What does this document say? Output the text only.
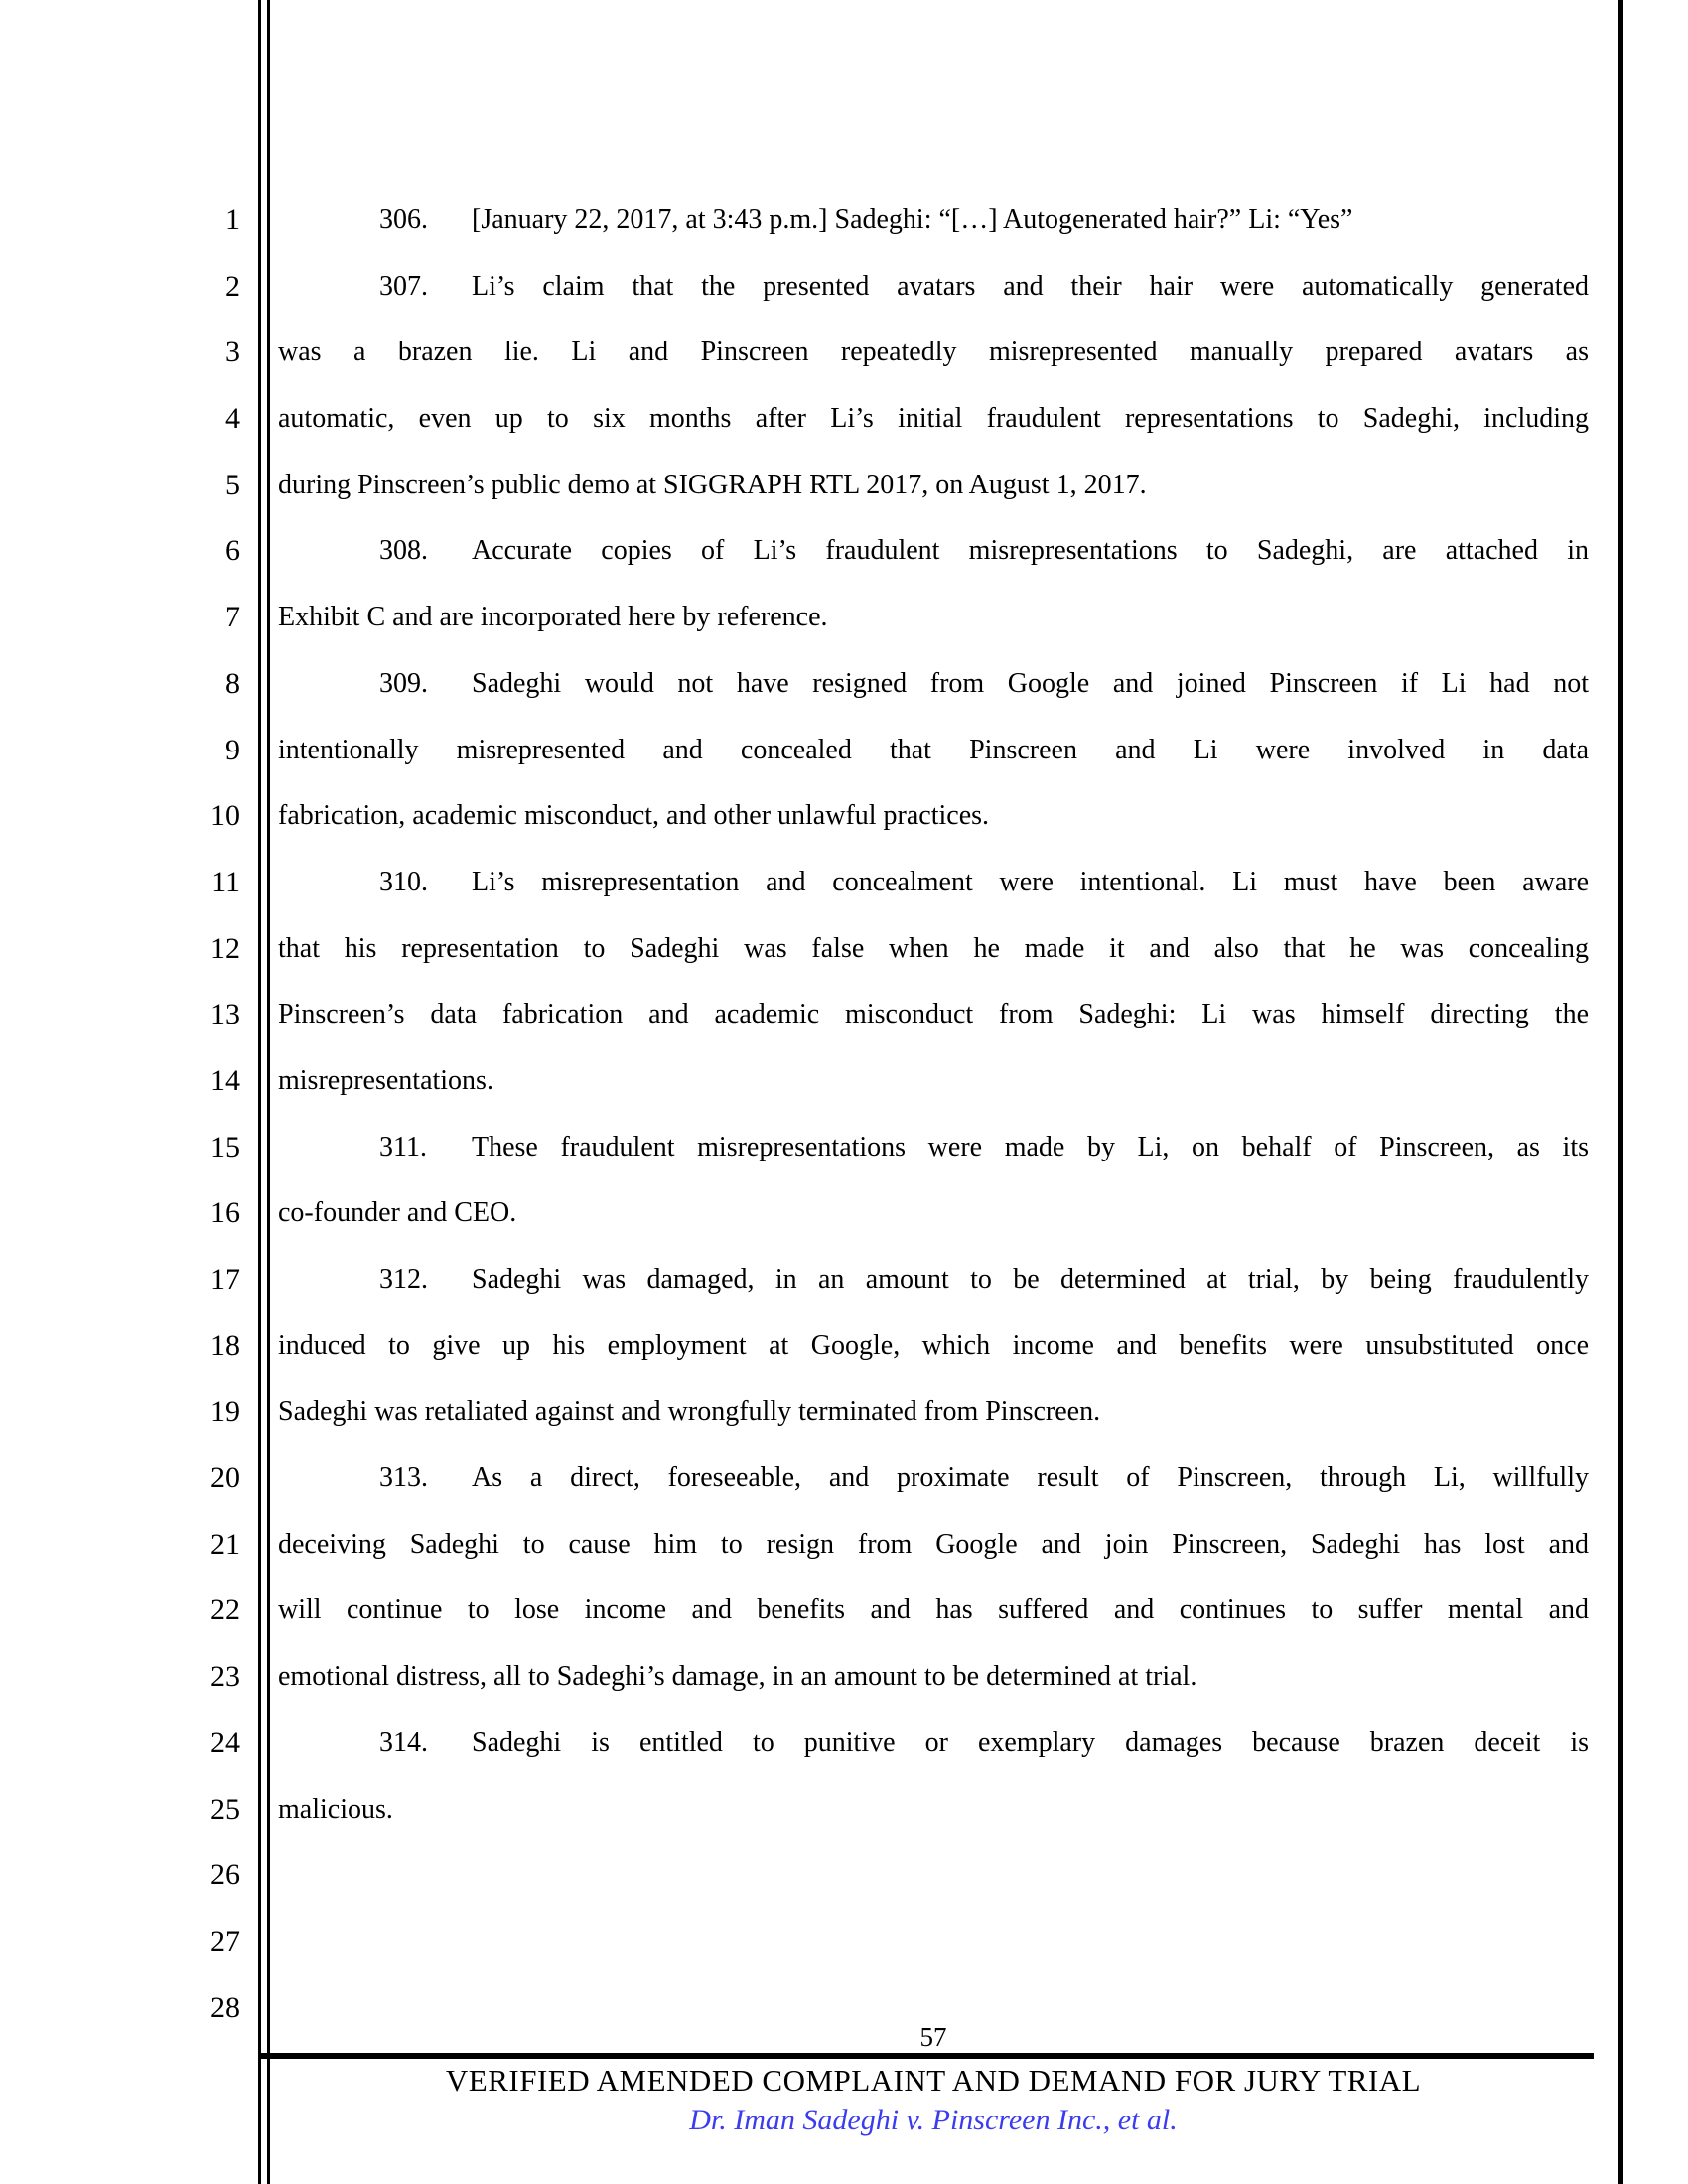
1
2
3
4
5
6
7
8
9
10
11
12
13
14
15
16
17
18
19
20
21
22
23
24
25
26
27
28
306. [January 22, 2017, at 3:43 p.m.] Sadeghi: “[…] Autogenerated hair?” Li: “Yes”
307. Li’s claim that the presented avatars and their hair were automatically generated
was a brazen lie. Li and Pinscreen repeatedly misrepresented manually prepared avatars as
automatic, even up to six months after Li’s initial fraudulent representations to Sadeghi, including
during Pinscreen’s public demo at SIGGRAPH RTL 2017, on August 1, 2017.
308. Accurate copies of Li’s fraudulent misrepresentations to Sadeghi, are attached in
Exhibit C and are incorporated here by reference.
309. Sadeghi would not have resigned from Google and joined Pinscreen if Li had not
intentionally misrepresented and concealed that Pinscreen and Li were involved in data
fabrication, academic misconduct, and other unlawful practices.
310. Li’s misrepresentation and concealment were intentional. Li must have been aware
that his representation to Sadeghi was false when he made it and also that he was concealing
Pinscreen’s data fabrication and academic misconduct from Sadeghi: Li was himself directing the
misrepresentations.
311. These fraudulent misrepresentations were made by Li, on behalf of Pinscreen, as its
co-founder and CEO.
312. Sadeghi was damaged, in an amount to be determined at trial, by being fraudulently
induced to give up his employment at Google, which income and benefits were unsubstituted once
Sadeghi was retaliated against and wrongfully terminated from Pinscreen.
313. As a direct, foreseeable, and proximate result of Pinscreen, through Li, willfully
deceiving Sadeghi to cause him to resign from Google and join Pinscreen, Sadeghi has lost and
will continue to lose income and benefits and has suffered and continues to suffer mental and
emotional distress, all to Sadeghi’s damage, in an amount to be determined at trial.
314. Sadeghi is entitled to punitive or exemplary damages because brazen deceit is
malicious.
57
VERIFIED AMENDED COMPLAINT AND DEMAND FOR JURY TRIAL
Dr. Iman Sadeghi v. Pinscreen Inc., et al.
